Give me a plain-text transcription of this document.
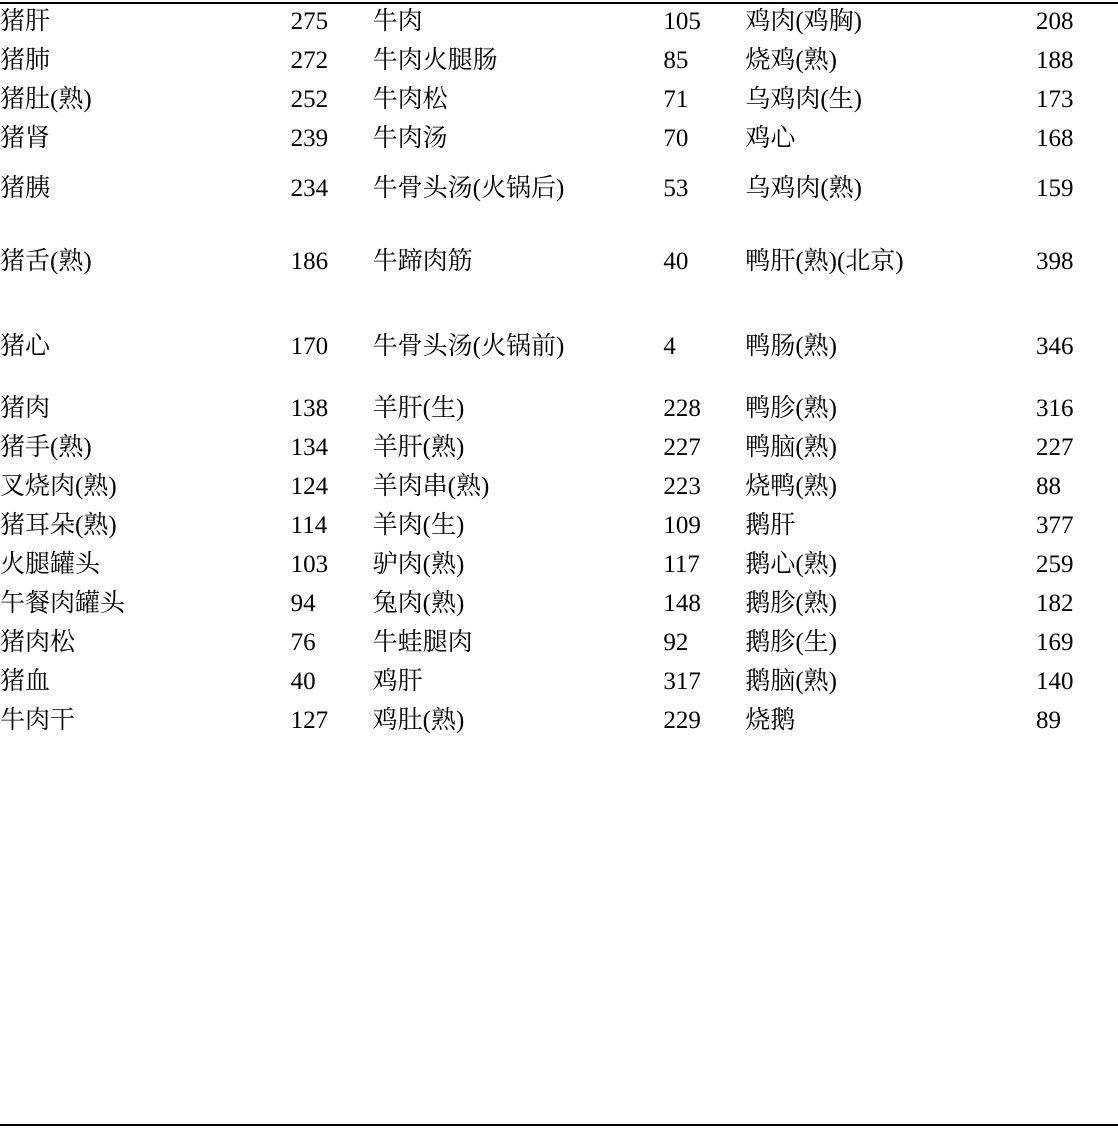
猪肝	275	牛肉	105	鸡肉(鸡胸)	208

猪肺	272	牛肉火腿肠	85	烧鸡(熟)	188

猪肚(熟)	252	牛肉松	71	乌鸡肉(生)	173

猪肾	239	牛肉汤	70	鸡心	168

猪胰	234	牛骨头汤(火锅后)	53	乌鸡肉(熟)	159

猪舌(熟)	186	牛蹄肉筋	40	鸭肝(熟)(北京)	398

猪心	170	牛骨头汤(火锅前)	4	鸭肠(熟)	346

猪肉	138	羊肝(生)	228	鸭胗(熟)	316

猪手(熟)	134	羊肝(熟)	227	鸭脑(熟)	227

叉烧肉(熟)	124	羊肉串(熟)	223	烧鸭(熟)	88

猪耳朵(熟)	114	羊肉(生)	109	鹅肝	377

火腿罐头	103	驴肉(熟)	117	鹅心(熟)	259

午餐肉罐头	94	兔肉(熟)	148	鹅胗(熟)	182

猪肉松	76	牛蛙腿肉	92	鹅胗(生)	169

猪血	40	鸡肝	317	鹅脑(熟)	140

牛肉干	127	鸡肚(熟)	229	烧鹅	89
